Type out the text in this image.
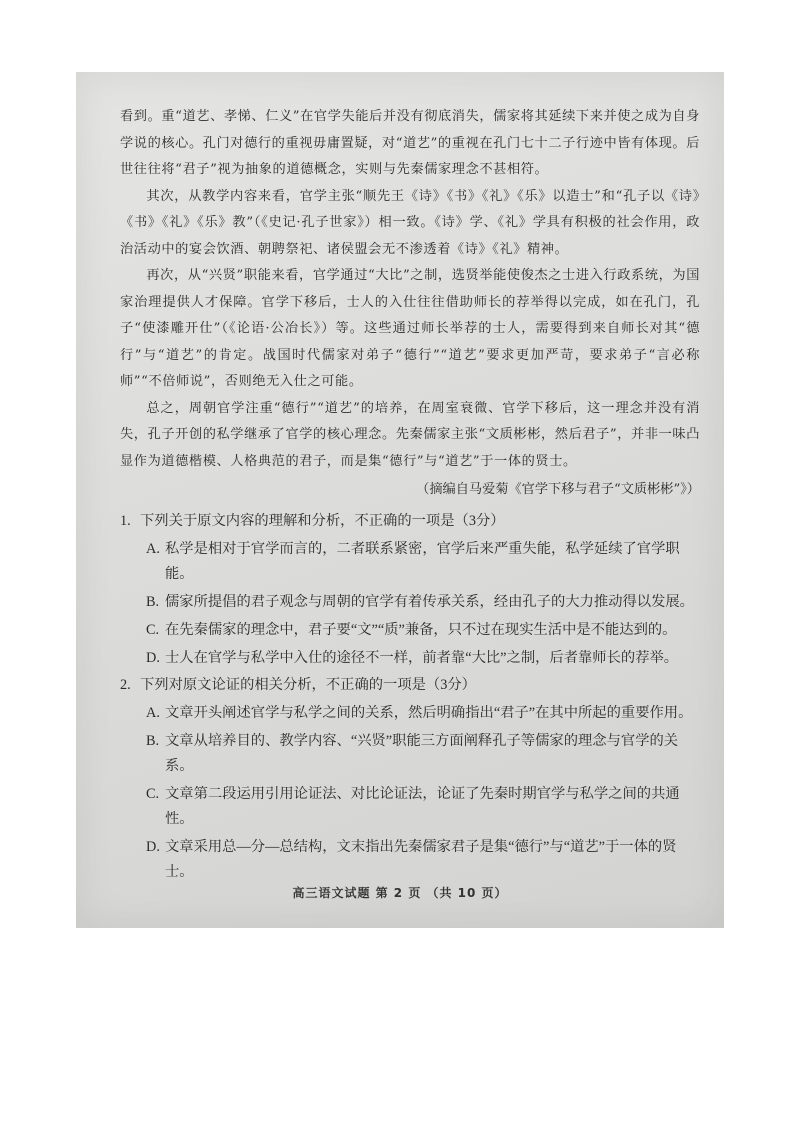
看到。重“道艺、孝悌、仁义”在官学失能后并没有彻底消失，儒家将其延续下来并使之成为自身学说的核心。孔门对德行的重视毋庸置疑，对“道艺”的重视在孔门七十二子行迹中皆有体现。后世往往将“君子”视为抽象的道德概念，实则与先秦儒家理念不甚相符。

其次，从教学内容来看，官学主张“顺先王《诗》《书》《礼》《乐》以造士”和“孔子以《诗》《书》《礼》《乐》教”（《史记·孔子世家》）相一致。《诗》学、《礼》学具有积极的社会作用，政治活动中的宴会饮酒、朝聘祭祀、诸侯盟会无不渗透着《诗》《礼》精神。

再次，从“兴贤”职能来看，官学通过“大比”之制，选贤举能使俊杰之士进入行政系统，为国家治理提供人才保障。官学下移后，士人的入仕往往借助师长的荐举得以完成，如在孔门，孔子“使漆雕开仕”（《论语·公冶长》）等。这些通过师长举荐的士人，需要得到来自师长对其“德行”与“道艺”的肯定。战国时代儒家对弟子“德行”“道艺”要求更加严苛，要求弟子“言必称师”“不倍师说”，否则绝无入仕之可能。

总之，周朝官学注重“德行”“道艺”的培养，在周室衰微、官学下移后，这一理念并没有消失，孔子开创的私学继承了官学的核心理念。先秦儒家主张“文质彬彬，然后君子”，并非一味凸显作为道德楷模、人格典范的君子，而是集“德行”与“道艺”于一体的贤士。

（摘编自马爱菊《官学下移与君子“文质彬彬”》）
1. 下列关于原文内容的理解和分析，不正确的一项是（3分）
A. 私学是相对于官学而言的，二者联系紧密，官学后来严重失能，私学延续了官学职能。
B. 儒家所提倡的君子观念与周朝的官学有着传承关系，经由孔子的大力推动得以发展。
C. 在先秦儒家的理念中，君子要“文”“质”兼备，只不过在现实生活中是不能达到的。
D. 士人在官学与私学中入仕的途径不一样，前者靠“大比”之制，后者靠师长的荐举。
2. 下列对原文论证的相关分析，不正确的一项是（3分）
A. 文章开头阐述官学与私学之间的关系，然后明确指出“君子”在其中所起的重要作用。
B. 文章从培养目的、教学内容、“兴贤”职能三方面阐释孔子等儒家的理念与官学的关系。
C. 文章第二段运用引用论证法、对比论证法，论证了先秦时期官学与私学之间的共通性。
D. 文章采用总—分—总结构，文末指出先秦儒家君子是集“德行”与“道艺”于一体的贤士。
高三语文试题 第 2 页 （共 10 页）
